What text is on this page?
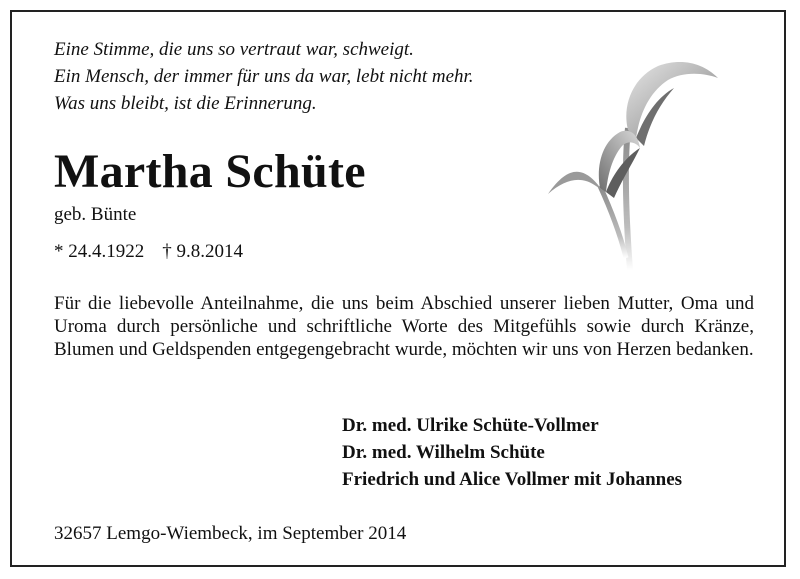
Eine Stimme, die uns so vertraut war, schweigt.
Ein Mensch, der immer für uns da war, lebt nicht mehr.
Was uns bleibt, ist die Erinnerung.
Martha Schüte
geb. Bünte
* 24.4.1922 † 9.8.2014
Für die liebevolle Anteilnahme, die uns beim Abschied unserer lieben Mutter, Oma und Uroma durch persönliche und schriftliche Worte des Mitgefühls sowie durch Kränze, Blumen und Geldspenden entgegengebracht wurde, möchten wir uns von Herzen bedanken.
Dr. med. Ulrike Schüte-Vollmer
Dr. med. Wilhelm Schüte
Friedrich und Alice Vollmer mit Johannes
32657 Lemgo-Wiembeck, im September 2014
